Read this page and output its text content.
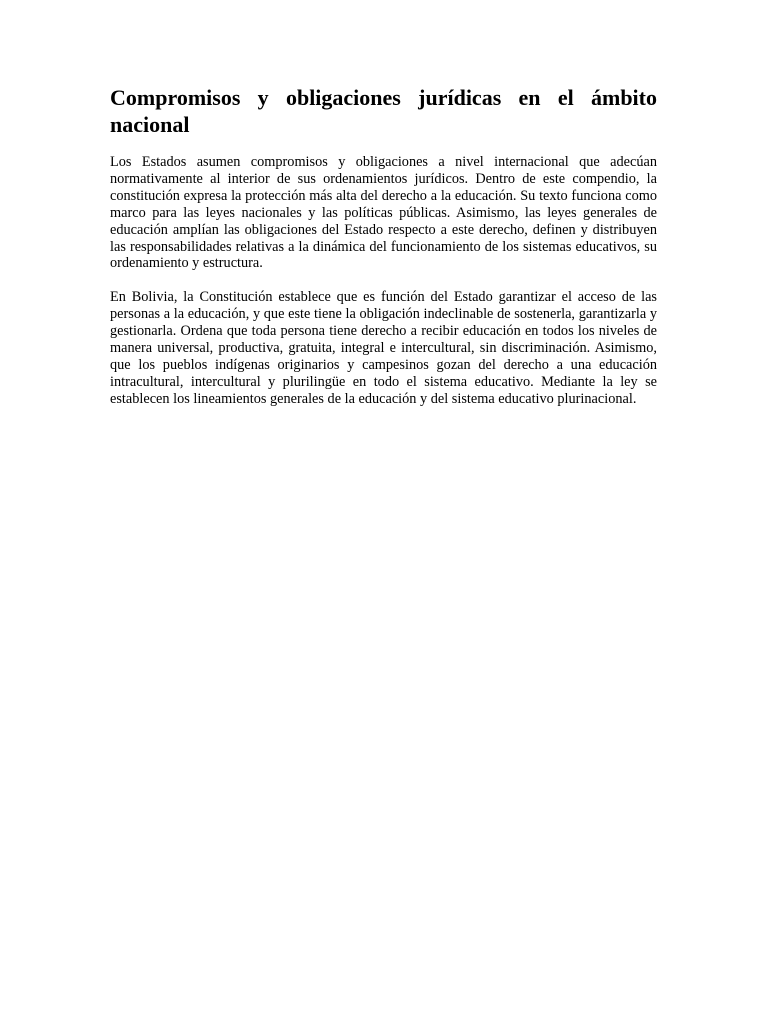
Compromisos y obligaciones jurídicas en el ámbito nacional

Los Estados asumen compromisos y obligaciones a nivel internacional que adecúan normativamente al interior de sus ordenamientos jurídicos. Dentro de este compendio, la constitución expresa la protección más alta del derecho a la educación. Su texto funciona como marco para las leyes nacionales y las políticas públicas. Asimismo, las leyes generales de educación amplían las obligaciones del Estado respecto a este derecho, definen y distribuyen las responsabilidades relativas a la dinámica del funcionamiento de los sistemas educativos, su ordenamiento y estructura.

En Bolivia, la Constitución establece que es función del Estado garantizar el acceso de las personas a la educación, y que este tiene la obligación indeclinable de sostenerla, garantizarla y gestionarla. Ordena que toda persona tiene derecho a recibir educación en todos los niveles de manera universal, productiva, gratuita, integral e intercultural, sin discriminación. Asimismo, que los pueblos indígenas originarios y campesinos gozan del derecho a una educación intracultural, intercultural y plurilingüe en todo el sistema educativo. Mediante la ley se establecen los lineamientos generales de la educación y del sistema educativo plurinacional.
